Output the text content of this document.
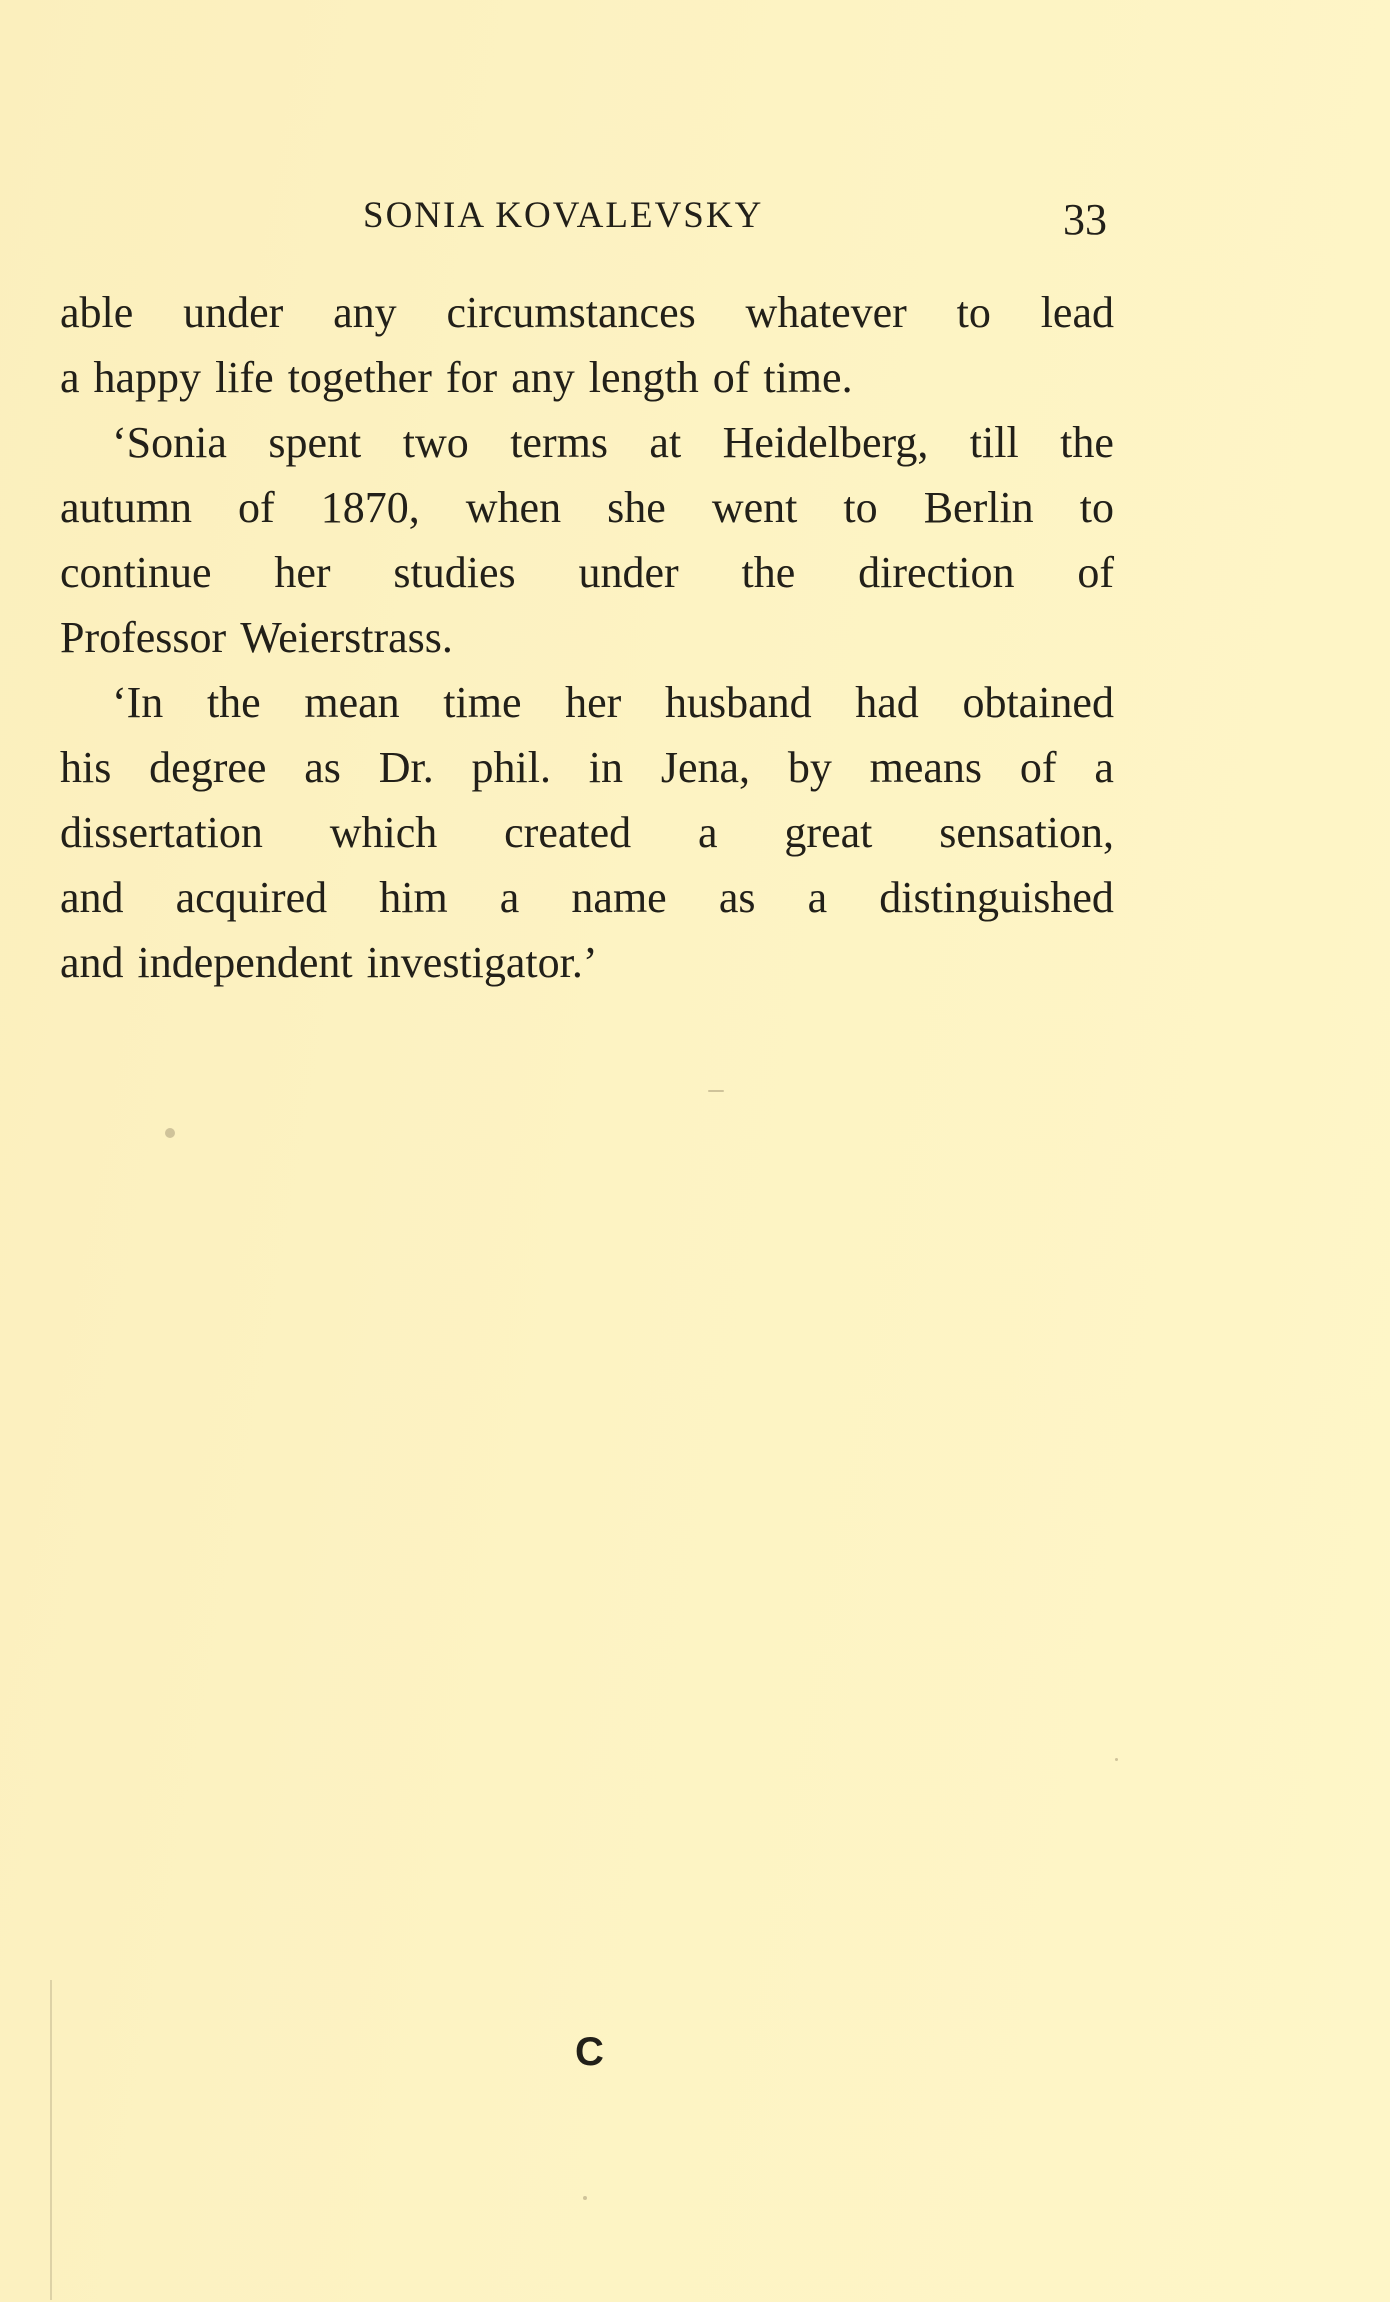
SONIA KOVALEVSKY	33
able under any circumstances whatever to lead
a happy life together for any length of time.
‘Sonia spent two terms at Heidelberg, till the
autumn of 1870, when she went to Berlin to
continue her studies under the direction of
Professor Weierstrass.
‘In the mean time her husband had obtained
his degree as Dr. phil. in Jena, by means of a
dissertation which created a great sensation,
and acquired him a name as a distinguished
and independent investigator.’
C
